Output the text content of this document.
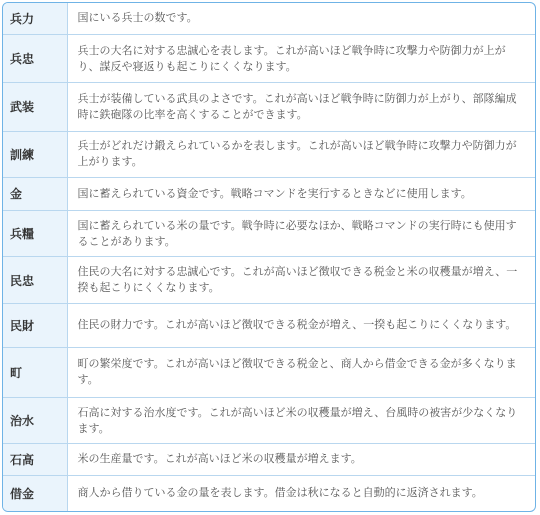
兵力	国にいる兵士の数です。
兵忠	兵士の大名に対する忠誠心を表します。これが高いほど戦争時に攻撃力や防御力が上がり、謀反や寝返りも起こりにくくなります。
武装	兵士が装備している武具のよさです。これが高いほど戦争時に防御力が上がり、部隊編成時に鉄砲隊の比率を高くすることができます。
訓練	兵士がどれだけ鍛えられているかを表します。これが高いほど戦争時に攻撃力や防御力が上がります。
金	国に蓄えられている資金です。戦略コマンドを実行するときなどに使用します。
兵糧	国に蓄えられている米の量です。戦争時に必要なほか、戦略コマンドの実行時にも使用することがあります。
民忠	住民の大名に対する忠誠心です。これが高いほど徴収できる税金と米の収穫量が増え、一揆も起こりにくくなります。
民財	住民の財力です。これが高いほど徴収できる税金が増え、一揆も起こりにくくなります。
町	町の繁栄度です。これが高いほど徴収できる税金と、商人から借金できる金が多くなります。
治水	石高に対する治水度です。これが高いほど米の収穫量が増え、台風時の被害が少なくなります。
石高	米の生産量です。これが高いほど米の収穫量が増えます。
借金	商人から借りている金の量を表します。借金は秋になると自動的に返済されます。
